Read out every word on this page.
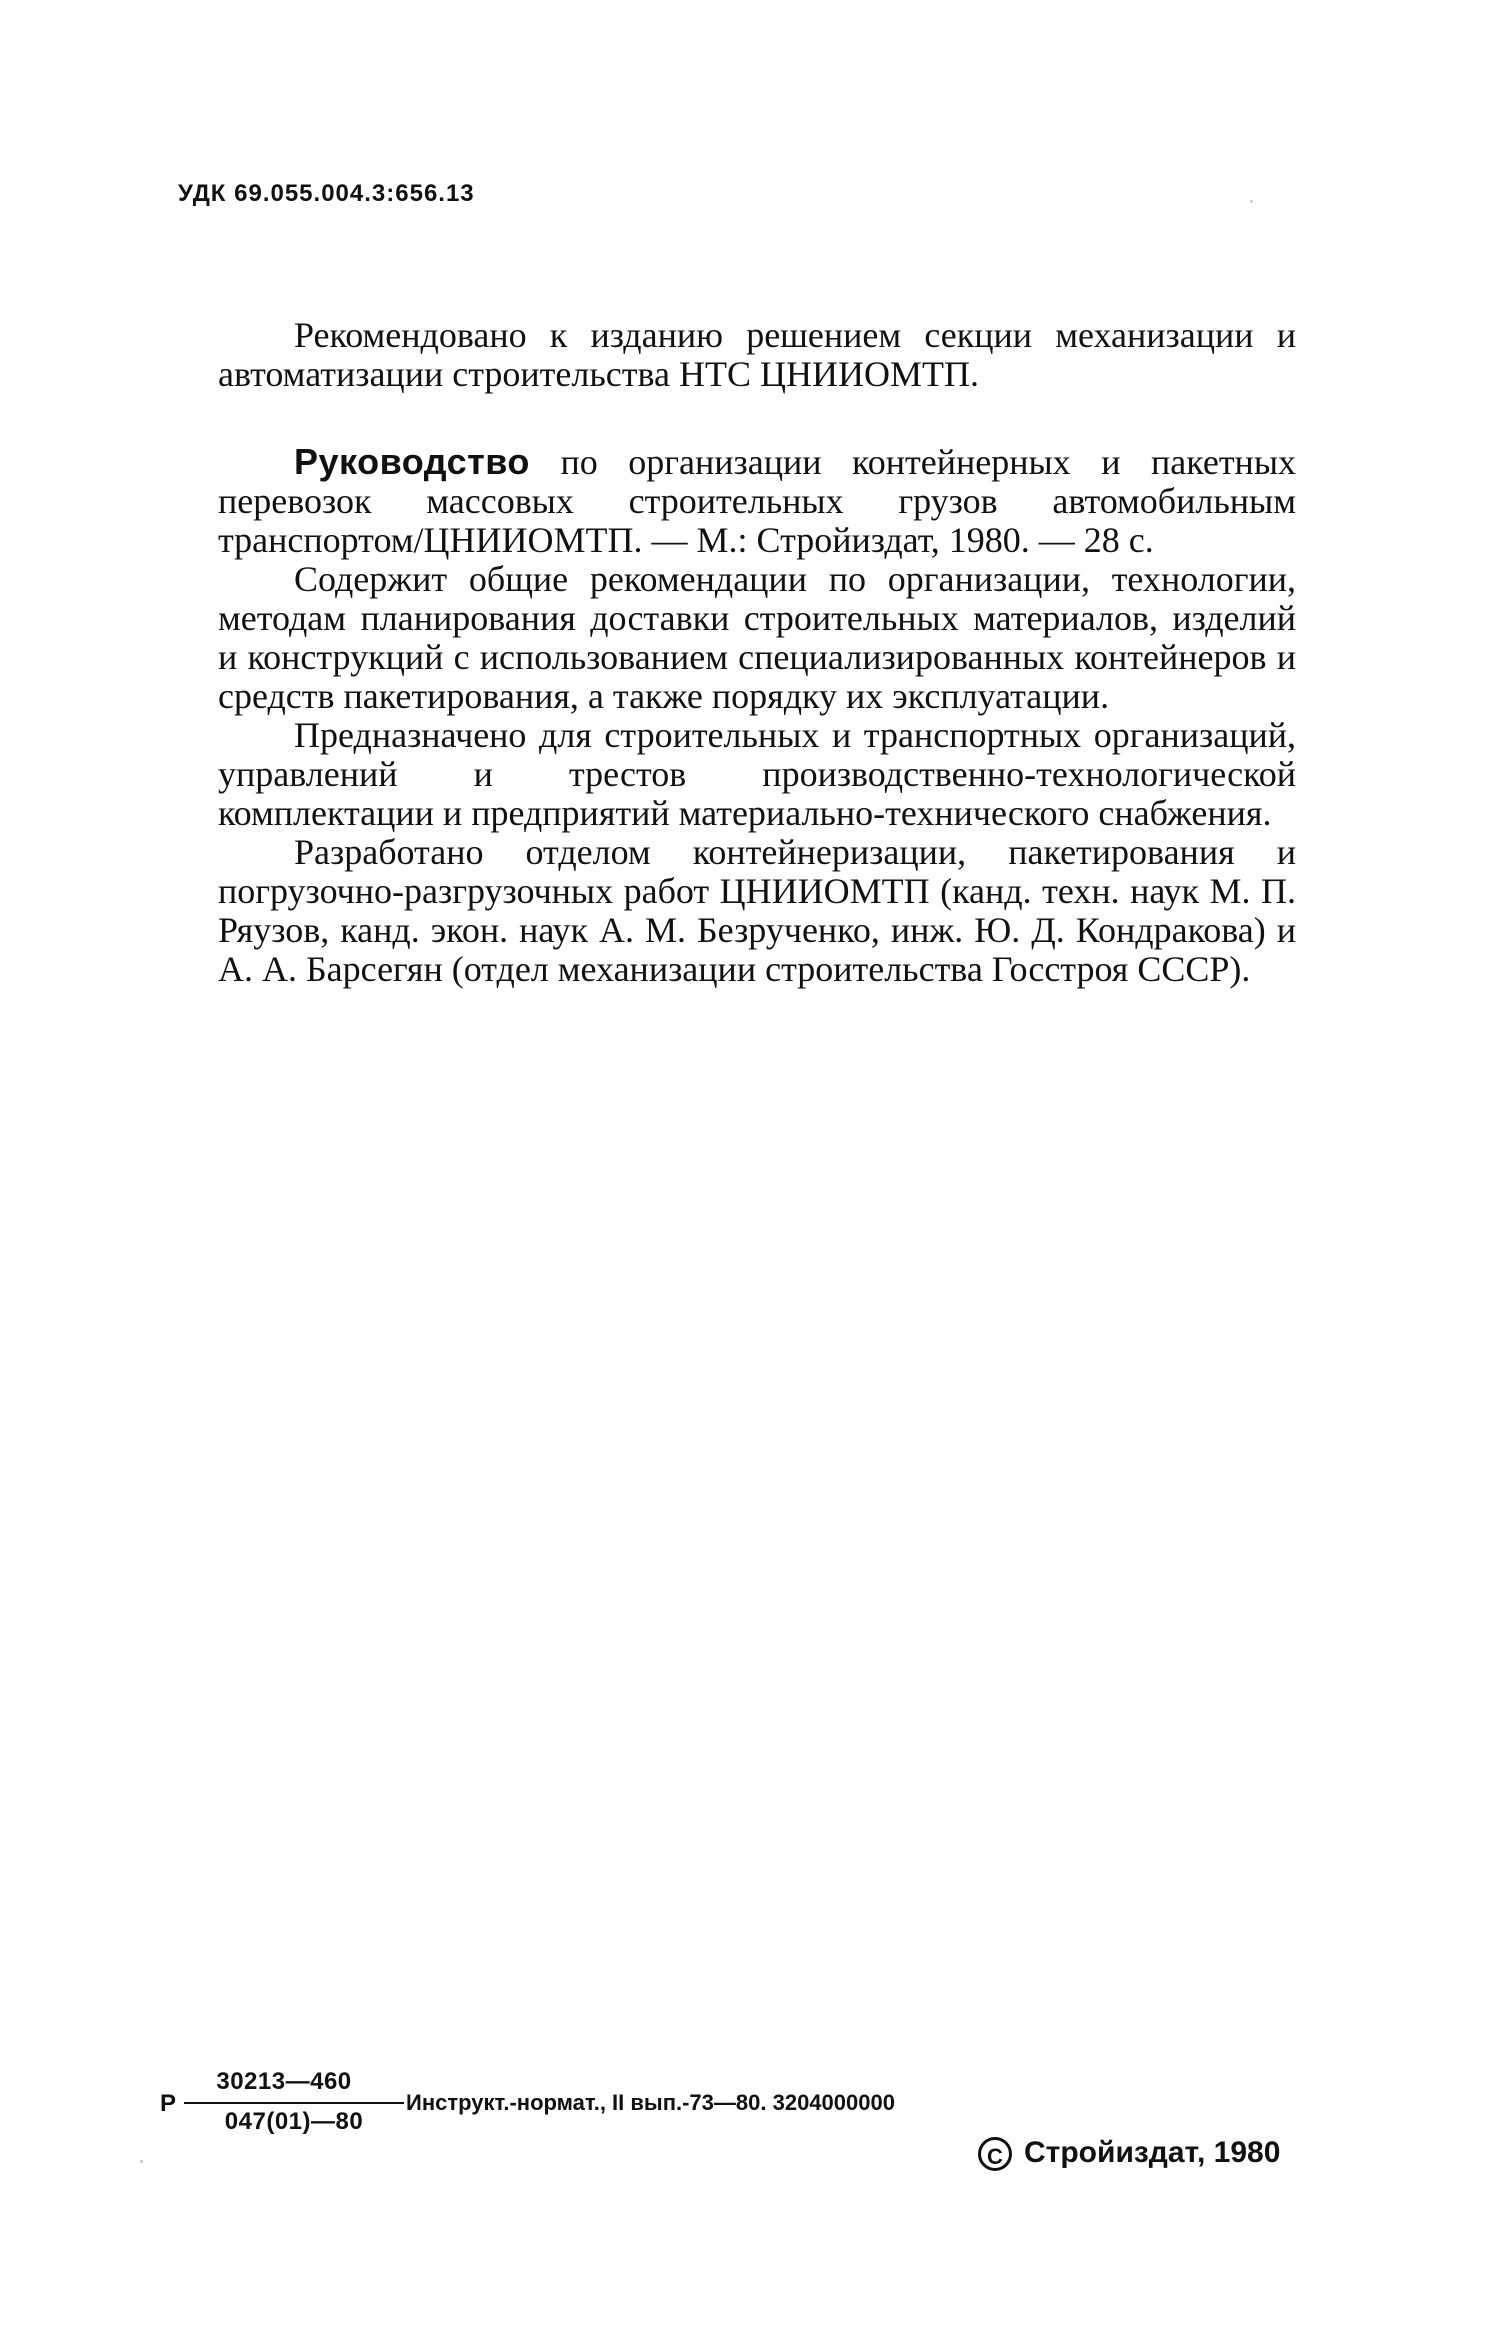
УДК 69.055.004.3:656.13

Рекомендовано к изданию решением секции механизации и автоматизации строительства НТС ЦНИИОМТП.

Руководство по организации контейнерных и пакетных перевозок массовых строительных грузов автомобильным транспортом/ЦНИИОМТП. — М.: Стройиздат, 1980. — 28 с.

Содержит общие рекомендации по организации, технологии, методам планирования доставки строительных материалов, изделий и конструкций с использованием специализированных контейнеров и средств пакетирования, а также порядку их эксплуатации.

Предназначено для строительных и транспортных организаций, управлений и трестов производственно-технологической комплектации и предприятий материально-технического снабжения.

Разработано отделом контейнеризации, пакетирования и погрузочно-разгрузочных работ ЦНИИОМТП (канд. техн. наук М. П. Ряузов, канд. экон. наук А. М. Безрученко, инж. Ю. Д. Кондракова) и А. А. Барсегян (отдел механизации строительства Госстроя СССР).

Р
30213—460
047(01)—80
Инструкт.-нормат., II вып.-73—80. 3204000000
С Стройиздат, 1980
